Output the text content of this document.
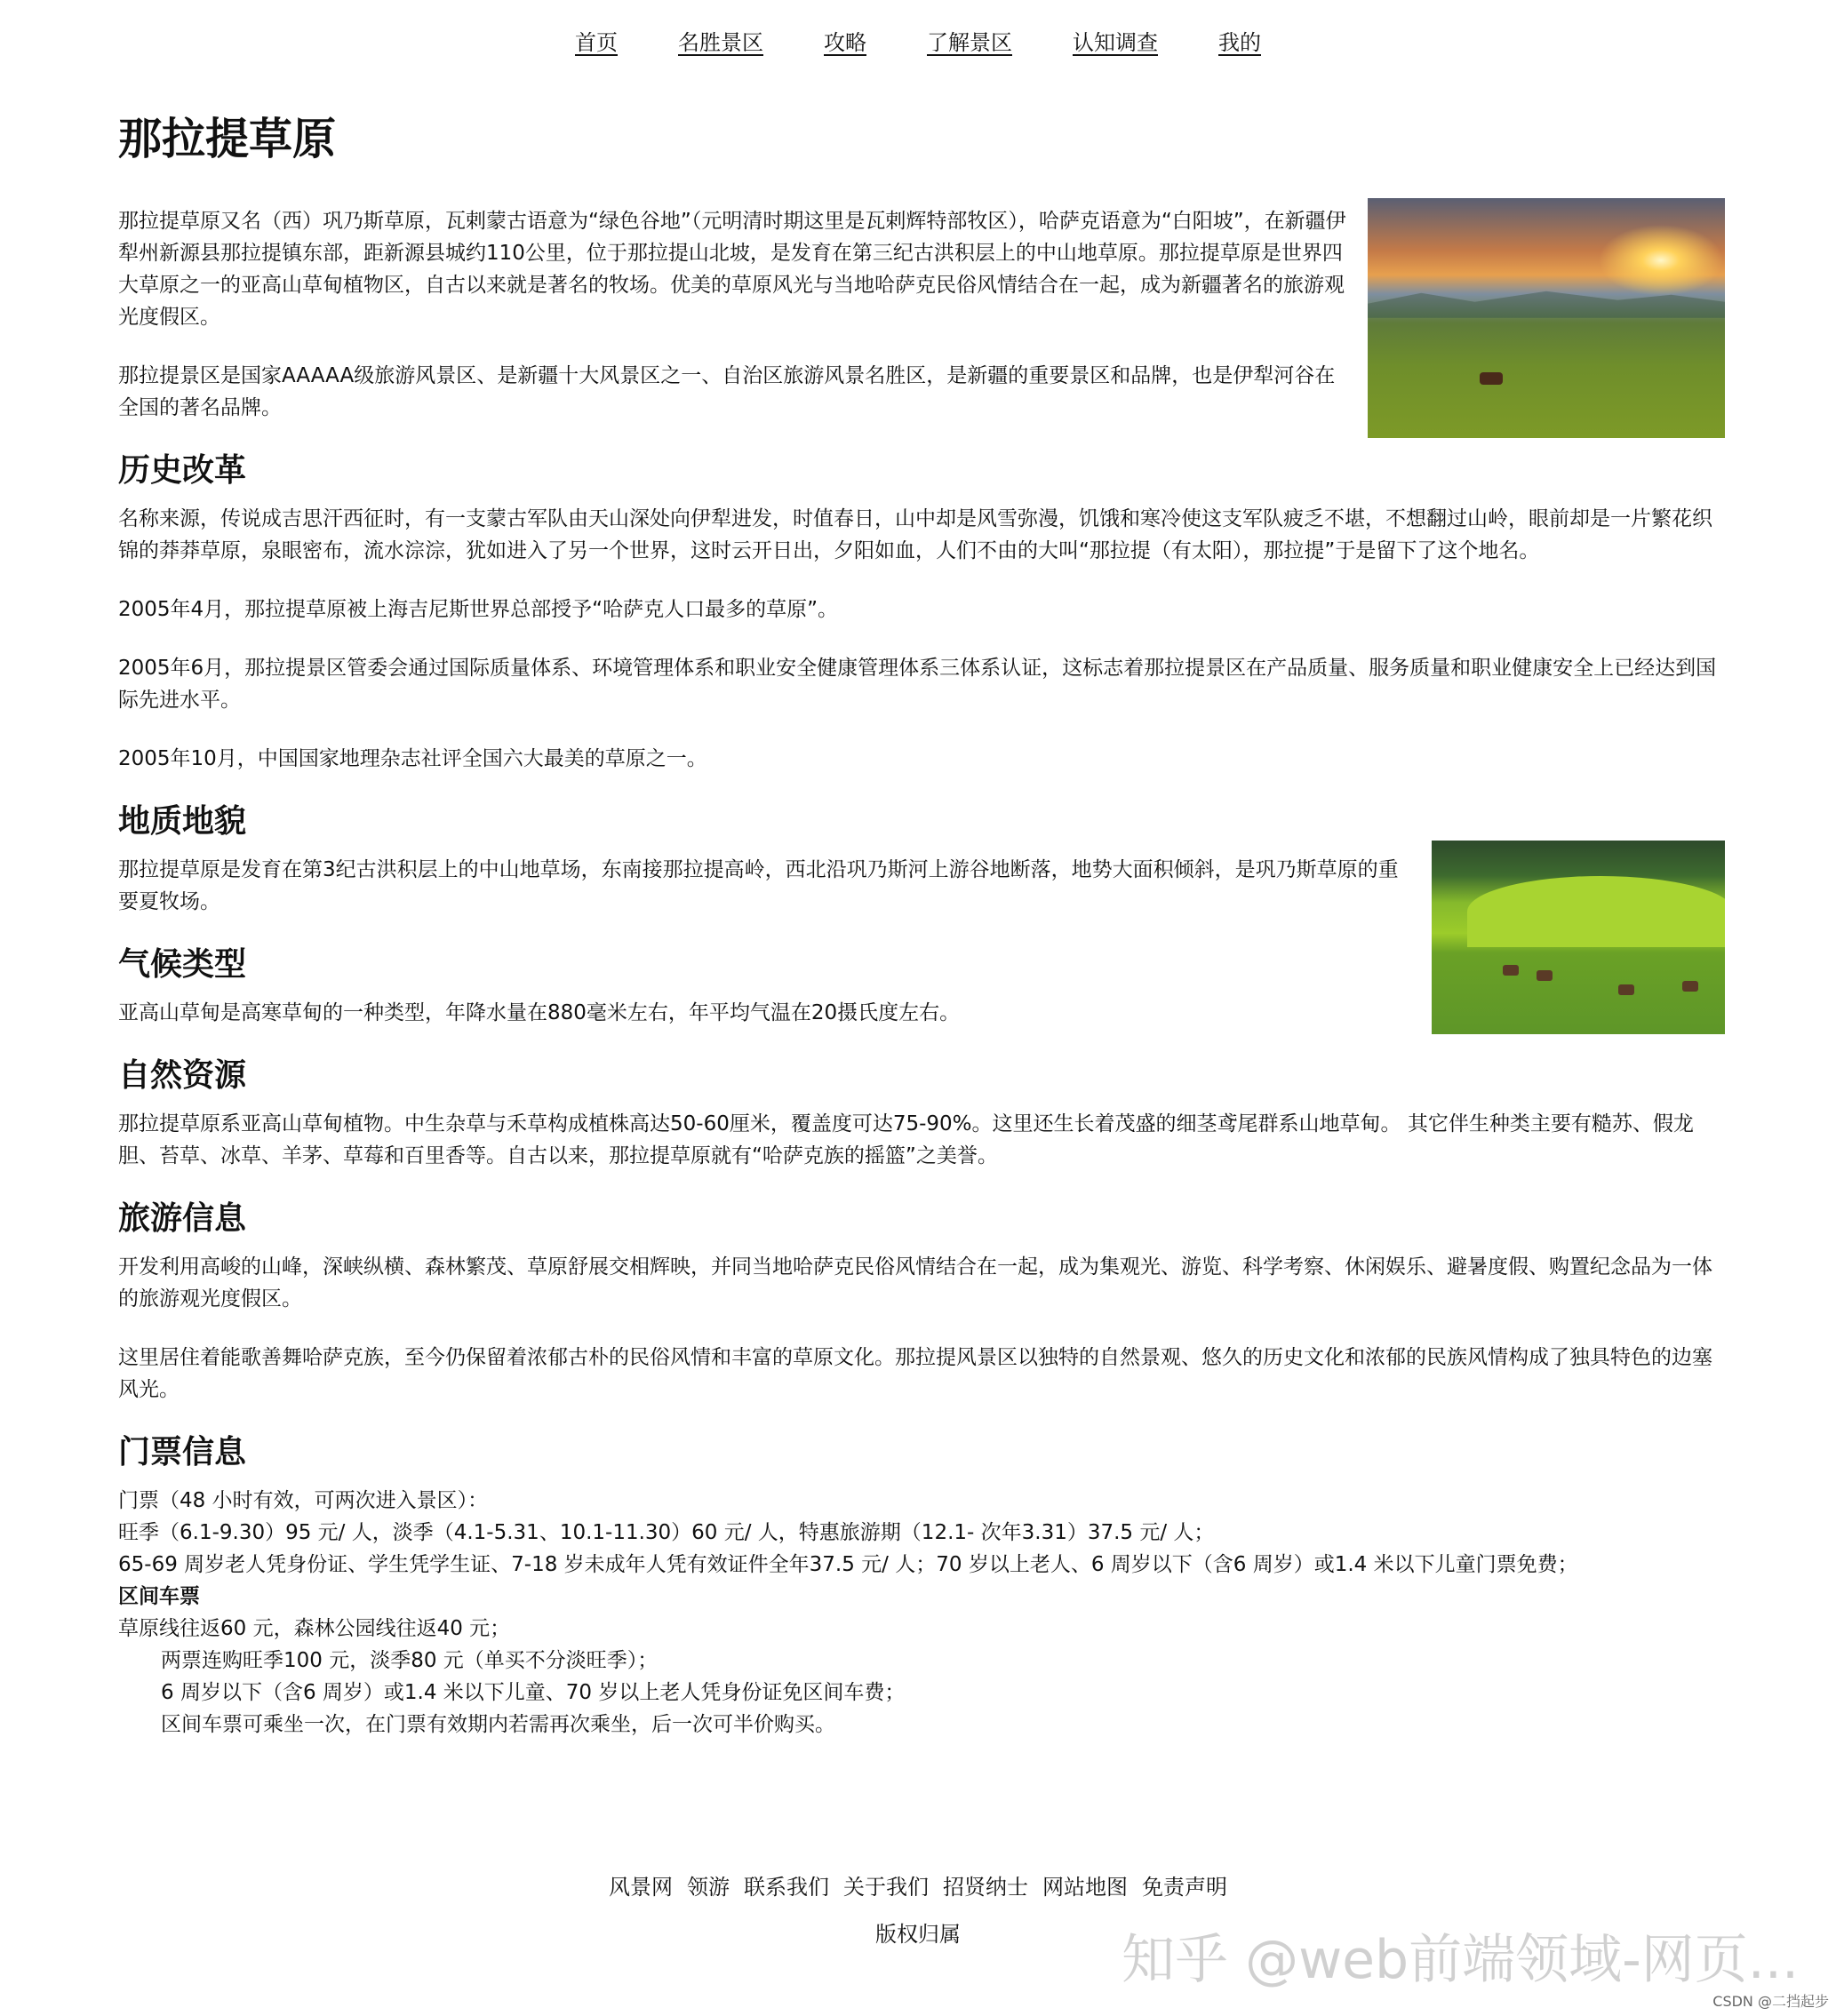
首页	名胜景区	攻略	了解景区	认知调查	我的
那拉提草原

那拉提草原又名（西）巩乃斯草原，瓦剌蒙古语意为“绿色谷地”（元明清时期这里是瓦剌辉特部牧区），哈萨克语意为“白阳坡”，在新疆伊犁州新源县那拉提镇东部，距新源县城约110公里，位于那拉提山北坡，是发育在第三纪古洪积层上的中山地草原。那拉提草原是世界四大草原之一的亚高山草甸植物区，自古以来就是著名的牧场。优美的草原风光与当地哈萨克民俗风情结合在一起，成为新疆著名的旅游观光度假区。

那拉提景区是国家AAAAA级旅游风景区、是新疆十大风景区之一、自治区旅游风景名胜区，是新疆的重要景区和品牌，也是伊犁河谷在全国的著名品牌。

历史改革

名称来源，传说成吉思汗西征时，有一支蒙古军队由天山深处向伊犁进发，时值春日，山中却是风雪弥漫，饥饿和寒冷使这支军队疲乏不堪，不想翻过山岭，眼前却是一片繁花织锦的莽莽草原，泉眼密布，流水淙淙，犹如进入了另一个世界，这时云开日出，夕阳如血，人们不由的大叫“那拉提（有太阳），那拉提”于是留下了这个地名。

2005年4月，那拉提草原被上海吉尼斯世界总部授予“哈萨克人口最多的草原”。

2005年6月，那拉提景区管委会通过国际质量体系、环境管理体系和职业安全健康管理体系三体系认证，这标志着那拉提景区在产品质量、服务质量和职业健康安全上已经达到国际先进水平。

2005年10月，中国国家地理杂志社评全国六大最美的草原之一。

地质地貌

那拉提草原是发育在第3纪古洪积层上的中山地草场，东南接那拉提高岭，西北沿巩乃斯河上游谷地断落，地势大面积倾斜，是巩乃斯草原的重要夏牧场。

气候类型

亚高山草甸是高寒草甸的一种类型，年降水量在880毫米左右，年平均气温在20摄氏度左右。

自然资源

那拉提草原系亚高山草甸植物。中生杂草与禾草构成植株高达50-60厘米，覆盖度可达75-90%。这里还生长着茂盛的细茎鸢尾群系山地草甸。 其它伴生种类主要有糙苏、假龙胆、苔草、冰草、羊茅、草莓和百里香等。自古以来，那拉提草原就有“哈萨克族的摇篮”之美誉。

旅游信息

开发利用高峻的山峰，深峡纵横、森林繁茂、草原舒展交相辉映，并同当地哈萨克民俗风情结合在一起，成为集观光、游览、科学考察、休闲娱乐、避暑度假、购置纪念品为一体的旅游观光度假区。

这里居住着能歌善舞哈萨克族，至今仍保留着浓郁古朴的民俗风情和丰富的草原文化。那拉提风景区以独特的自然景观、悠久的历史文化和浓郁的民族风情构成了独具特色的边塞风光。

门票信息
门票（48 小时有效，可两次进入景区）：
旺季（6.1-9.30）95 元/ 人，淡季（4.1-5.31、10.1-11.30）60 元/ 人，特惠旅游期（12.1- 次年3.31）37.5 元/ 人；
65-69 周岁老人凭身份证、学生凭学生证、7-18 岁未成年人凭有效证件全年37.5 元/ 人；70 岁以上老人、6 周岁以下（含6 周岁）或1.4 米以下儿童门票免费；
区间车票
草原线往返60 元，森林公园线往返40 元；
两票连购旺季100 元，淡季80 元（单买不分淡旺季）；
6 周岁以下（含6 周岁）或1.4 米以下儿童、70 岁以上老人凭身份证免区间车费；
区间车票可乘坐一次，在门票有效期内若需再次乘坐，后一次可半价购买。
风景网 领游 联系我们 关于我们 招贤纳士 网站地图 免责声明
版权归属	知乎 @web前端领域-网页...
CSDN @二挡起步
